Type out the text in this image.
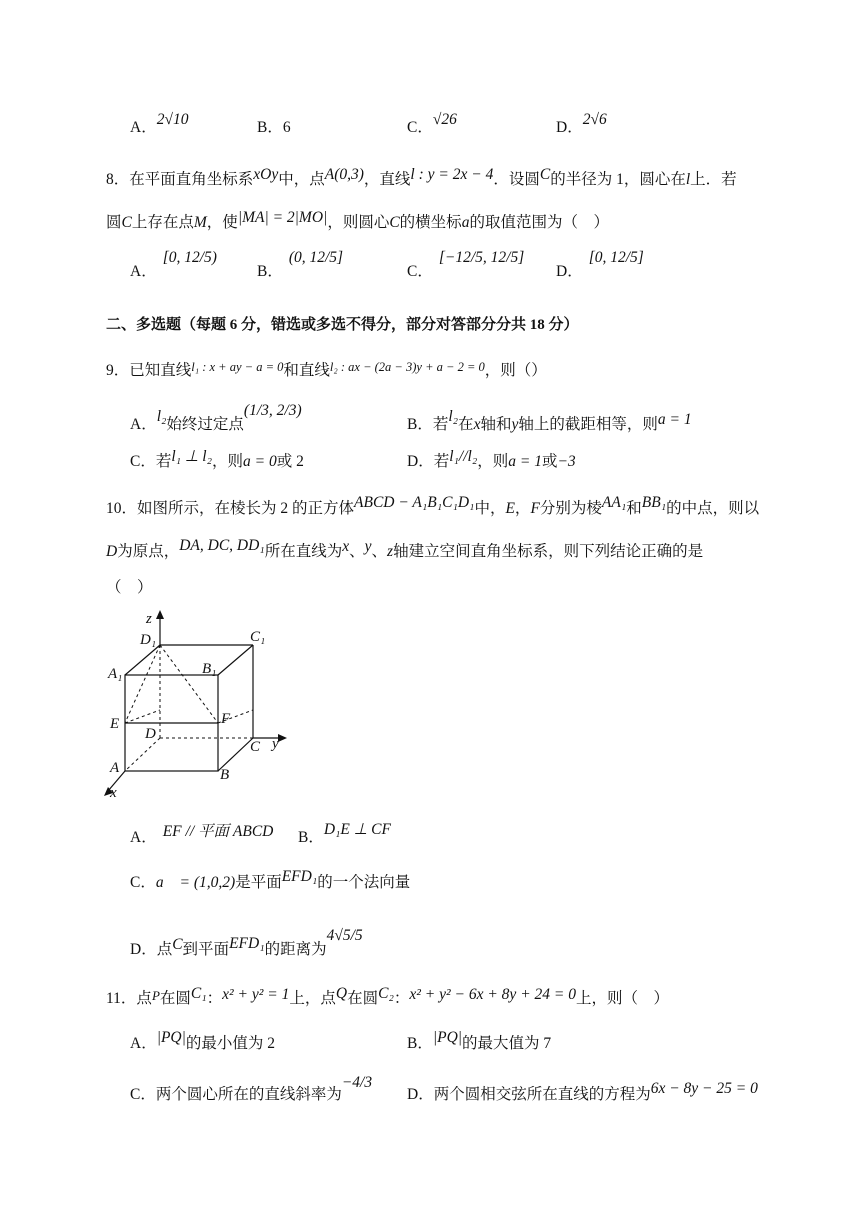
A．2√10	B．6	C．√26	D．2√6
8．在平面直角坐标系xOy中，点A(0,3)，直线l : y = 2x − 4．设圆C的半径为 1，圆心在l上．若
圆C上存在点M，使|MA| = 2|MO|，则圆心C的横坐标a的取值范围为（　）
A．[0, 12/5)
B．(0, 12/5]
C．[−12/5, 12/5]
D．[0, 12/5]
二、多选题（每题 6 分，错选或多选不得分，部分对答部分分共 18 分）
9．已知直线$^{l_1 : x + ay - a = 0}$和直线$^{l_2 : ax - (2a - 3)y + a - 2 = 0}$，则（）
A．l₂始终过定点(1/3, 2/3)
B．若l₂在x轴和y轴上的截距相等，则a = 1
C．若l₁ ⊥ l₂，则a = 0或 2	D．若l₁//l₂，则a = 1或−3
10．如图所示，在棱长为 2 的正方体ABCD − A₁B₁C₁D₁中，E，F分别为棱AA₁和BB₁的中点，则以
D为原点，DA, DC, DD₁所在直线为x、y、z轴建立空间直角坐标系，则下列结论正确的是
（　）
z
y
x
D₁	C₁
A₁	B₁
E	F
D
C
A	B
A． EF // 平面 ABCD B．D₁E ⊥ CF
C．a⃗ = (1,0,2)是平面EFD₁的一个法向量
D．点C到平面EFD₁的距离为4√5/5
11．点P在圆C₁：x² + y² = 1上，点Q在圆C₂：x² + y² − 6x + 8y + 24 = 0上，则（　）
A．|PQ|的最小值为 2	B．|PQ|的最大值为 7
C．两个圆心所在的直线斜率为−4/3
D．两个圆相交弦所在直线的方程为6x − 8y − 25 = 0
